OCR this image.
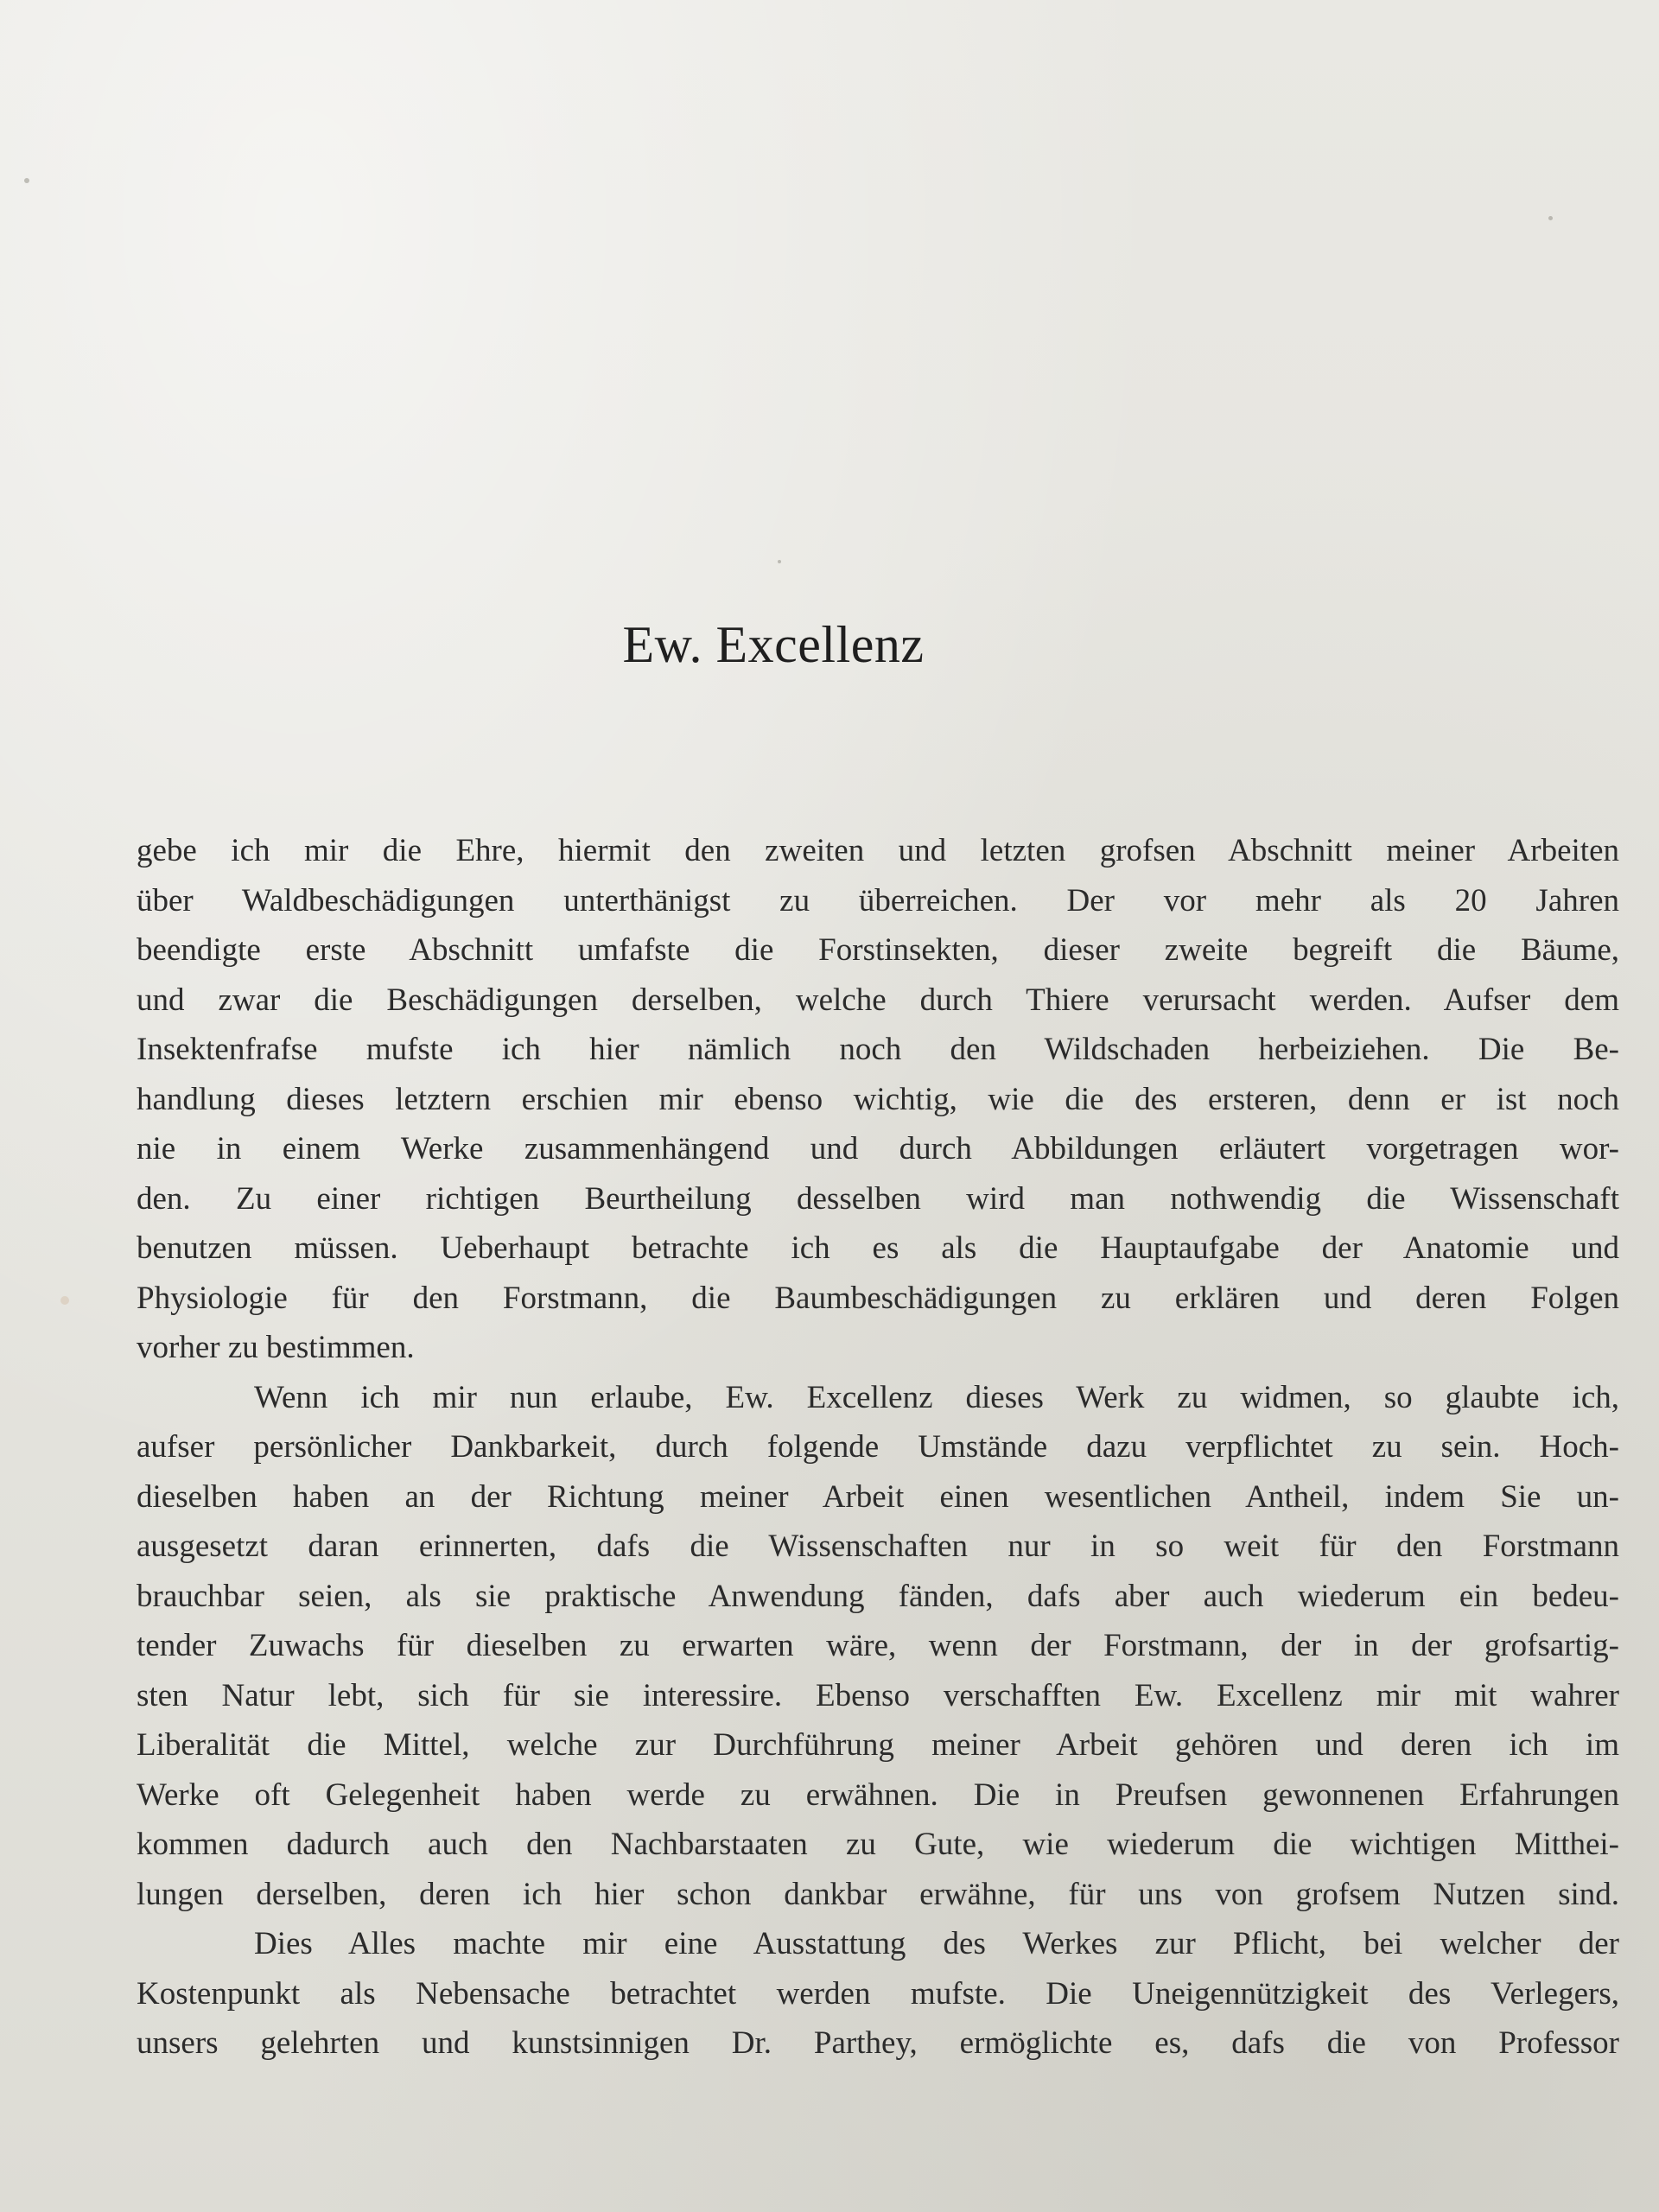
Ew. Excellenz
gebe ich mir die Ehre, hiermit den zweiten und letzten grofsen Abschnitt meiner Arbeiten
über Waldbeschädigungen unterthänigst zu überreichen. Der vor mehr als 20 Jahren
beendigte erste Abschnitt umfafste die Forstinsekten, dieser zweite begreift die Bäume,
und zwar die Beschädigungen derselben, welche durch Thiere verursacht werden. Aufser dem
Insektenfrafse mufste ich hier nämlich noch den Wildschaden herbeiziehen. Die Be-
handlung dieses letztern erschien mir ebenso wichtig, wie die des ersteren, denn er ist noch
nie in einem Werke zusammenhängend und durch Abbildungen erläutert vorgetragen wor-
den. Zu einer richtigen Beurtheilung desselben wird man nothwendig die Wissenschaft
benutzen müssen. Ueberhaupt betrachte ich es als die Hauptaufgabe der Anatomie und
Physiologie für den Forstmann, die Baumbeschädigungen zu erklären und deren Folgen
vorher zu bestimmen.
Wenn ich mir nun erlaube, Ew. Excellenz dieses Werk zu widmen, so glaubte ich,
aufser persönlicher Dankbarkeit, durch folgende Umstände dazu verpflichtet zu sein. Hoch-
dieselben haben an der Richtung meiner Arbeit einen wesentlichen Antheil, indem Sie un-
ausgesetzt daran erinnerten, dafs die Wissenschaften nur in so weit für den Forstmann
brauchbar seien, als sie praktische Anwendung fänden, dafs aber auch wiederum ein bedeu-
tender Zuwachs für dieselben zu erwarten wäre, wenn der Forstmann, der in der grofsartig-
sten Natur lebt, sich für sie interessire. Ebenso verschafften Ew. Excellenz mir mit wahrer
Liberalität die Mittel, welche zur Durchführung meiner Arbeit gehören und deren ich im
Werke oft Gelegenheit haben werde zu erwähnen. Die in Preufsen gewonnenen Erfahrungen
kommen dadurch auch den Nachbarstaaten zu Gute, wie wiederum die wichtigen Mitthei-
lungen derselben, deren ich hier schon dankbar erwähne, für uns von grofsem Nutzen sind.
Dies Alles machte mir eine Ausstattung des Werkes zur Pflicht, bei welcher der
Kostenpunkt als Nebensache betrachtet werden mufste. Die Uneigennützigkeit des Verlegers,
unsers gelehrten und kunstsinnigen Dr. Parthey, ermöglichte es, dafs die von Professor
